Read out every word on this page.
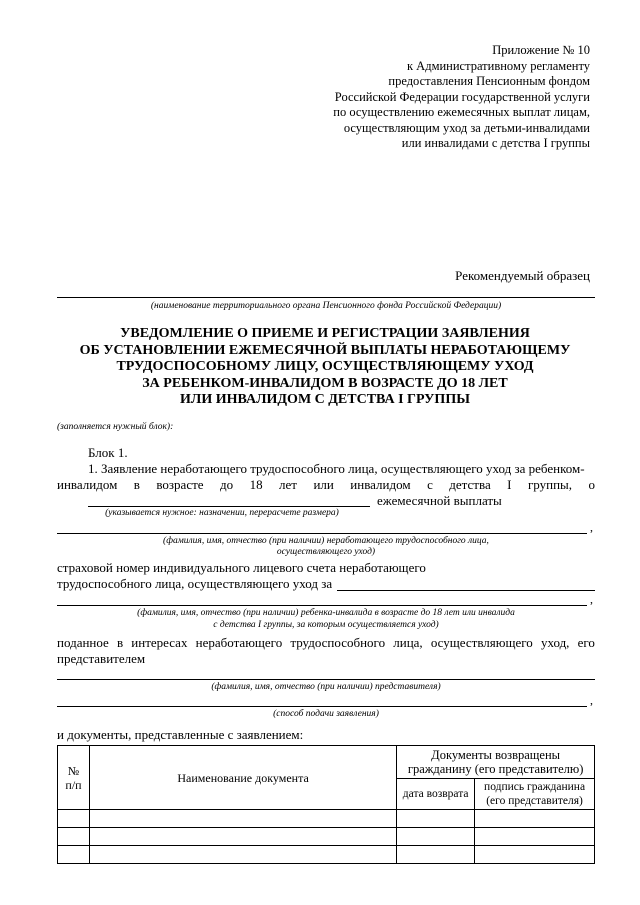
Приложение № 10
к Административному регламенту
предоставления Пенсионным фондом
Российской Федерации государственной услуги
по осуществлению ежемесячных выплат лицам,
осуществляющим уход за детьми-инвалидами
или инвалидами с детства I группы
Рекомендуемый образец
(наименование территориального органа Пенсионного фонда Российской Федерации)
УВЕДОМЛЕНИЕ О ПРИЕМЕ И РЕГИСТРАЦИИ ЗАЯВЛЕНИЯ
ОБ УСТАНОВЛЕНИИ ЕЖЕМЕСЯЧНОЙ ВЫПЛАТЫ НЕРАБОТАЮЩЕМУ
ТРУДОСПОСОБНОМУ ЛИЦУ, ОСУЩЕСТВЛЯЮЩЕМУ УХОД
ЗА РЕБЕНКОМ-ИНВАЛИДОМ В ВОЗРАСТЕ ДО 18 ЛЕТ
ИЛИ ИНВАЛИДОМ С ДЕТСТВА I ГРУППЫ
(заполняется нужный блок):
Блок 1.
1. Заявление неработающего трудоспособного лица, осуществляющего уход за ребенком-
инвалидом в возрасте до 18 лет или инвалидом с детства I группы, о
ежемесячной выплаты
(указывается нужное: назначении, перерасчете размера)
,
(фамилия, имя, отчество (при наличии) неработающего трудоспособного лица,
осуществляющего уход)
страховой номер индивидуального лицевого счета неработающего
трудоспособного лица, осуществляющего уход за
,
(фамилия, имя, отчество (при наличии) ребенка-инвалида в возрасте до 18 лет или инвалида
с детства I группы, за которым осуществляется уход)
поданное в интересах неработающего трудоспособного лица, осуществляющего уход, его
представителем
(фамилия, имя, отчество (при наличии) представителя)
,
(способ подачи заявления)
и документы, представленные с заявлением:
№ п/п	Наименование документа	Документы возвращены гражданину (его представителю)	
		дата возврата	подпись гражданина (его представителя)
